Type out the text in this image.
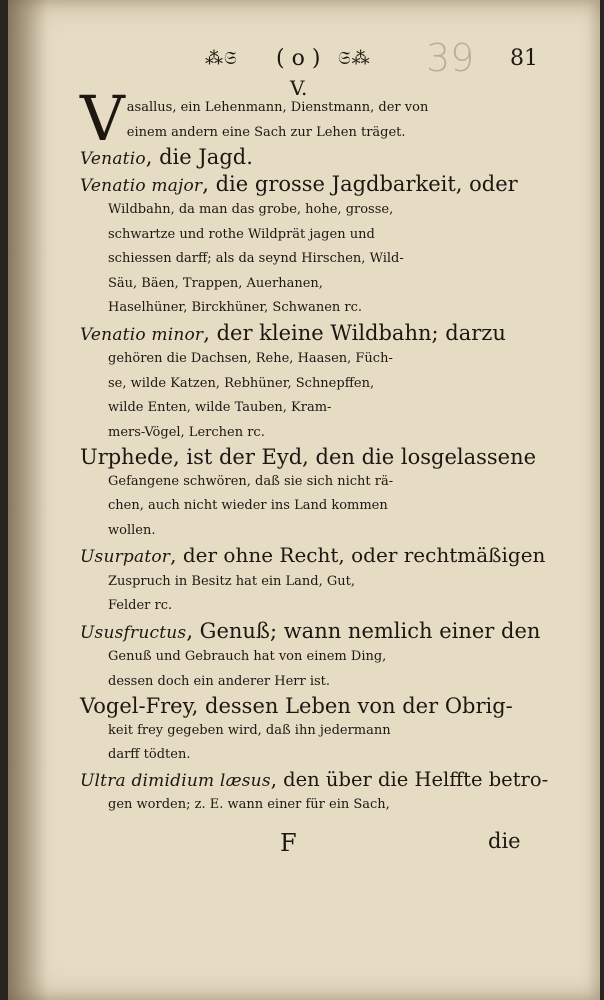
⁂𝔖 ( o ) 𝔖⁂ 39 81
V.
V asallus, ein Lehenmann, Dienstmann, der von
einem andern eine Sach zur Lehen träget.
Venatio, die Jagd.
Venatio major, die grosse Jagdbarkeit, oder
Wildbahn, da man das grobe, hohe, grosse,
schwartze und rothe Wildprät jagen und
schiessen darff; als da seynd Hirschen, Wild-
Säu, Bäen, Trappen, Auerhanen,
Haselhüner, Birckhüner, Schwanen rc.
Venatio minor, der kleine Wildbahn; darzu
gehören die Dachsen, Rehe, Haasen, Füch-
se, wilde Katzen, Rebhüner, Schnepffen,
wilde Enten, wilde Tauben, Kram-
mers-Vögel, Lerchen rc.
Urphede, ist der Eyd, den die losgelassene
Gefangene schwören, daß sie sich nicht rä-
chen, auch nicht wieder ins Land kommen
wollen.
Usurpator, der ohne Recht, oder rechtmäßigen
Zuspruch in Besitz hat ein Land, Gut,
Felder rc.
Ususfructus, Genuß; wann nemlich einer den
Genuß und Gebrauch hat von einem Ding,
dessen doch ein anderer Herr ist.
Vogel-Frey, dessen Leben von der Obrig-
keit frey gegeben wird, daß ihn jedermann
darff tödten.
Ultra dimidium læsus, den über die Helffte betro-
gen worden; z. E. wann einer für ein Sach,
F	die
